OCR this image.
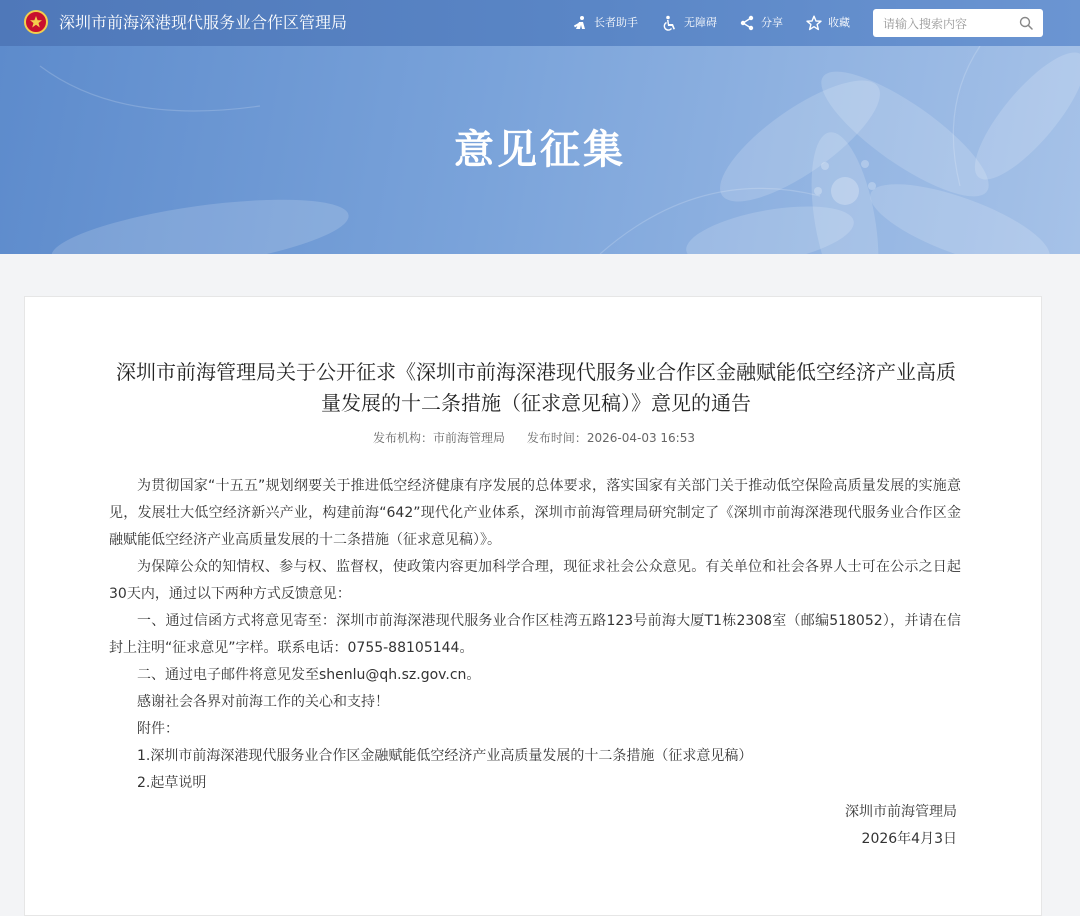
深圳市前海深港现代服务业合作区管理局	长者助手	无障碍	分享	收藏
请输入搜索内容
意见征集
深圳市前海管理局关于公开征求《深圳市前海深港现代服务业合作区金融赋能低空经济产业高质量发展的十二条措施（征求意见稿）》意见的通告
发布机构：市前海管理局 发布时间：2026-04-03 16:53

为贯彻国家“十五五”规划纲要关于推进低空经济健康有序发展的总体要求，落实国家有关部门关于推动低空保险高质量发展的实施意见，发展壮大低空经济新兴产业，构建前海“642”现代化产业体系，深圳市前海管理局研究制定了《深圳市前海深港现代服务业合作区金融赋能低空经济产业高质量发展的十二条措施（征求意见稿）》。

为保障公众的知情权、参与权、监督权，使政策内容更加科学合理，现征求社会公众意见。有关单位和社会各界人士可在公示之日起30天内，通过以下两种方式反馈意见：

一、通过信函方式将意见寄至：深圳市前海深港现代服务业合作区桂湾五路123号前海大厦T1栋2308室（邮编518052），并请在信封上注明“征求意见”字样。联系电话：0755-88105144。

二、通过电子邮件将意见发至shenlu@qh.sz.gov.cn。

感谢社会各界对前海工作的关心和支持！

附件：

1.深圳市前海深港现代服务业合作区金融赋能低空经济产业高质量发展的十二条措施（征求意见稿）

2.起草说明

深圳市前海管理局
2026年4月3日
